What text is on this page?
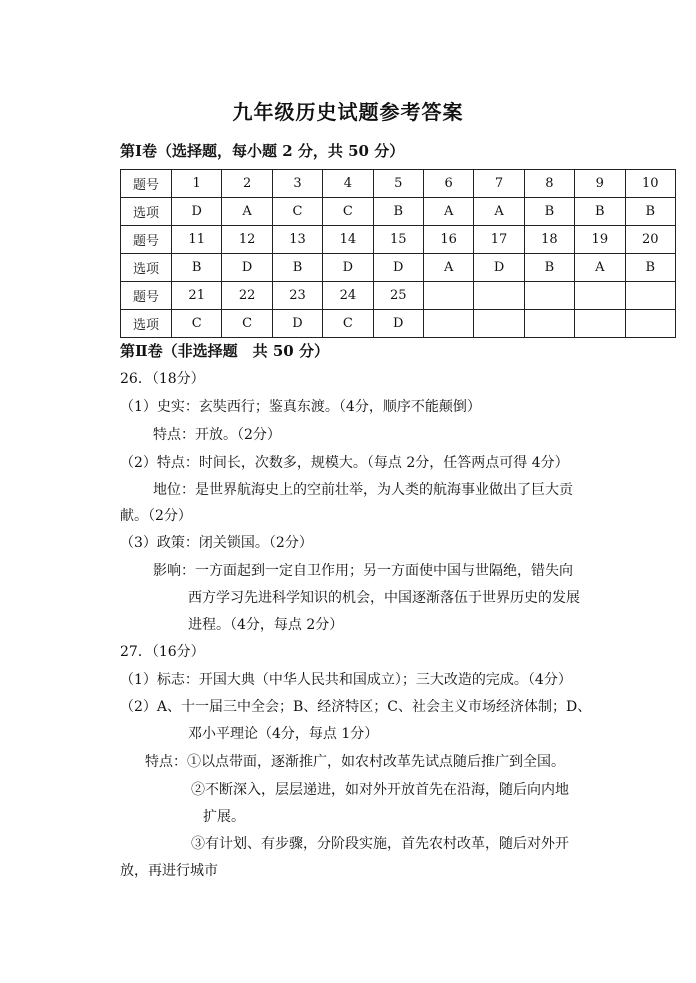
九年级历史试题参考答案
第Ⅰ卷（选择题，每小题 2 分，共 50 分）
题号	1	2	3	4	5	6	7	8	9	10
选项	D	A	C	C	B	A	A	B	B	B
题号	11	12	13	14	15	16	17	18	19	20
选项	B	D	B	D	D	A	D	B	A	B
题号	21	22	23	24	25					
选项	C	C	D	C	D					
第Ⅱ卷（非选择题　共 50 分）
26．（18分）
（1）史实：玄奘西行；鉴真东渡。（4分，顺序不能颠倒）
特点：开放。（2分）
（2）特点：时间长，次数多，规模大。（每点 2分，任答两点可得 4分）
地位：是世界航海史上的空前壮举，为人类的航海事业做出了巨大贡
献。（2分）
（3）政策：闭关锁国。（2分）
影响：一方面起到一定自卫作用；另一方面使中国与世隔绝，错失向
西方学习先进科学知识的机会，中国逐渐落伍于世界历史的发展
进程。（4分，每点 2分）
27．（16分）
（1）标志：开国大典（中华人民共和国成立）；三大改造的完成。（4分）
（2）A、十一届三中全会；B、经济特区；C、社会主义市场经济体制；D、
邓小平理论（4分，每点 1分）
特点：①以点带面，逐渐推广，如农村改革先试点随后推广到全国。
②不断深入，层层递进，如对外开放首先在沿海，随后向内地
扩展。
③有计划、有步骤，分阶段实施，首先农村改革，随后对外开
放，再进行城市
